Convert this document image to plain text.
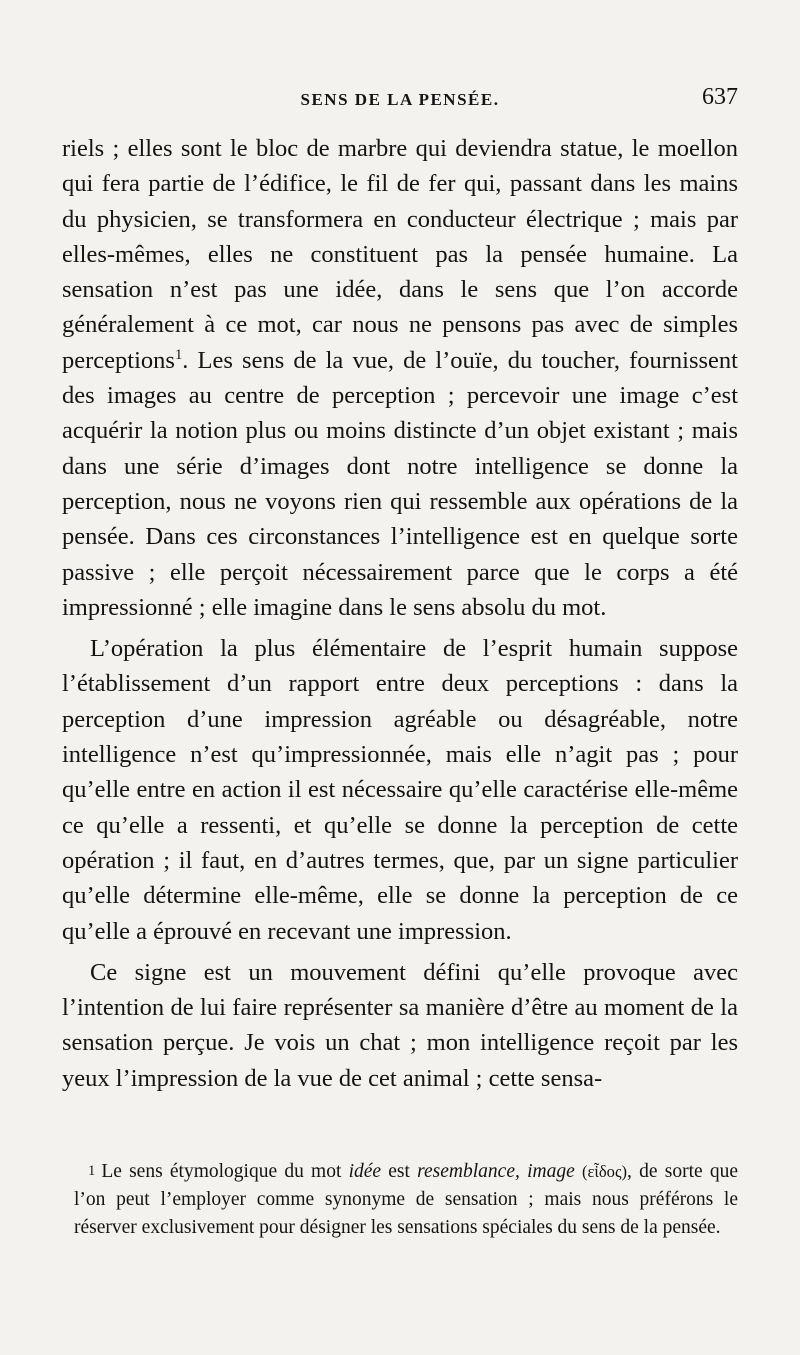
SENS DE LA PENSÉE.	637

riels ; elles sont le bloc de marbre qui deviendra statue, le moellon qui fera partie de l’édifice, le fil de fer qui, passant dans les mains du physicien, se transformera en conducteur électrique ; mais par elles-mêmes, elles ne constituent pas la pensée humaine. La sensation n’est pas une idée, dans le sens que l’on accorde généralement à ce mot, car nous ne pensons pas avec de simples perceptions$^1$. Les sens de la vue, de l’ouïe, du toucher, fournissent des images au centre de perception ; percevoir une image c’est acquérir la notion plus ou moins distincte d’un objet existant ; mais dans une série d’images dont notre intelligence se donne la perception, nous ne voyons rien qui ressemble aux opérations de la pensée. Dans ces circonstances l’intelligence est en quelque sorte passive ; elle perçoit nécessairement parce que le corps a été impressionné ; elle imagine dans le sens absolu du mot.

L’opération la plus élémentaire de l’esprit humain suppose l’établissement d’un rapport entre deux perceptions : dans la perception d’une impression agréable ou désagréable, notre intelligence n’est qu’impressionnée, mais elle n’agit pas ; pour qu’elle entre en action il est nécessaire qu’elle caractérise elle-même ce qu’elle a ressenti, et qu’elle se donne la perception de cette opération ; il faut, en d’autres termes, que, par un signe particulier qu’elle détermine elle-même, elle se donne la perception de ce qu’elle a éprouvé en recevant une impression.

Ce signe est un mouvement défini qu’elle provoque avec l’intention de lui faire représenter sa manière d’être au moment de la sensation perçue. Je vois un chat ; mon intelligence reçoit par les yeux l’impression de la vue de cet animal ; cette sensa-

1 Le sens étymologique du mot idée est resemblance, image (εἶδος), de sorte que l’on peut l’employer comme synonyme de sensation ; mais nous préférons le réserver exclusivement pour désigner les sensations spéciales du sens de la pensée.
